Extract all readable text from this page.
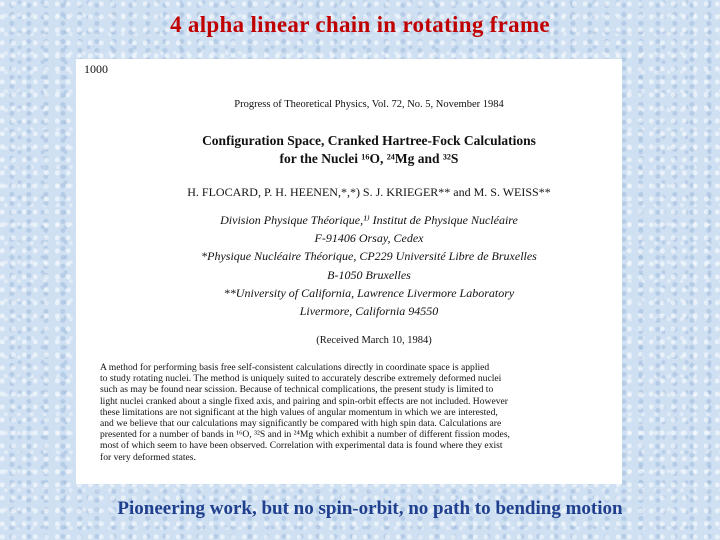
4 alpha linear chain in rotating frame
1000
Progress of Theoretical Physics, Vol. 72, No. 5, November 1984
Configuration Space, Cranked Hartree-Fock Calculations
for the Nuclei ¹⁶O, ²⁴Mg and ³²S
H. FLOCARD, P. H. HEENEN,*,*) S. J. KRIEGER** and M. S. WEISS**
Division Physique Théorique,¹⁾ Institut de Physique Nucléaire
F-91406 Orsay, Cedex
*Physique Nucléaire Théorique, CP229 Université Libre de Bruxelles
B-1050 Bruxelles
**University of California, Lawrence Livermore Laboratory
Livermore, California 94550
(Received March 10, 1984)
A method for performing basis free self-consistent calculations directly in coordinate space is applied
to study rotating nuclei. The method is uniquely suited to accurately describe extremely deformed nuclei
such as may be found near scission. Because of technical complications, the present study is limited to
light nuclei cranked about a single fixed axis, and pairing and spin-orbit effects are not included. However
these limitations are not significant at the high values of angular momentum in which we are interested,
and we believe that our calculations may significantly be compared with high spin data. Calculations are
presented for a number of bands in ¹⁶O, ³²S and in ²⁴Mg which exhibit a number of different fission modes,
most of which seem to have been observed. Correlation with experimental data is found where they exist
for very deformed states.
Pioneering work, but no spin-orbit, no path to bending motion
